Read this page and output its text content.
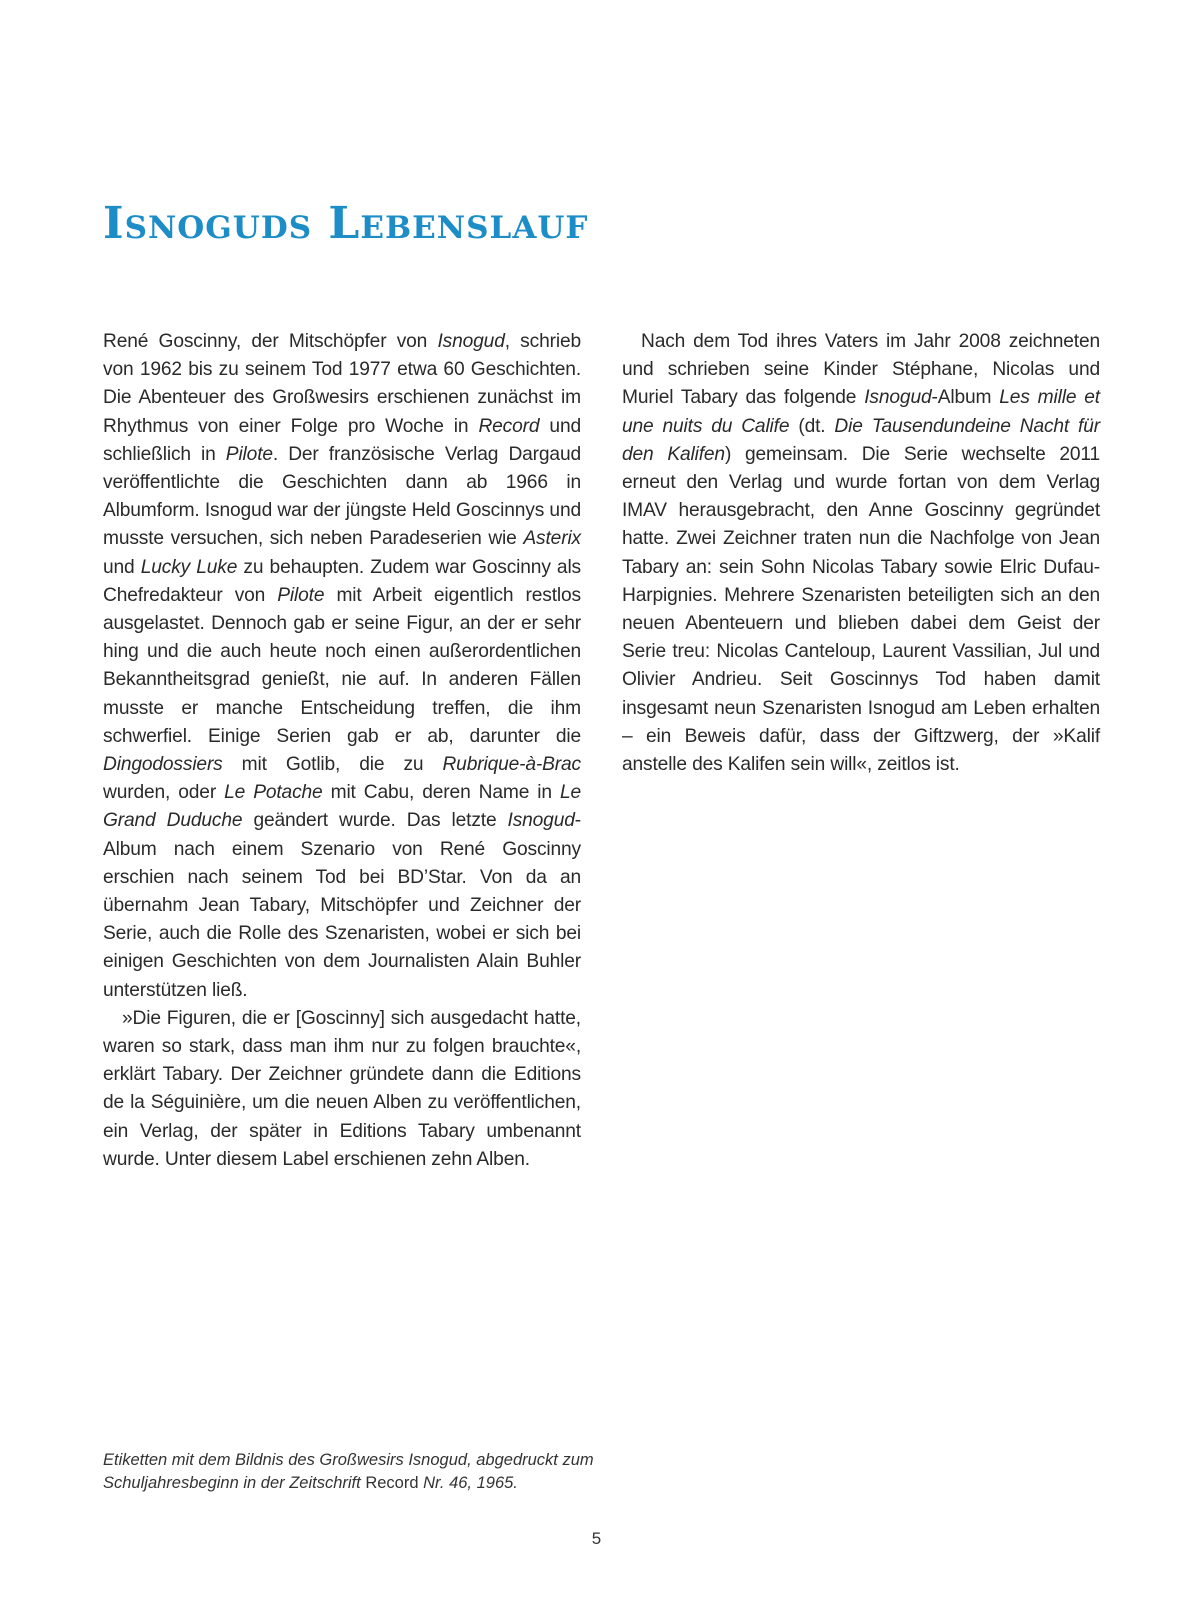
Isnoguds Lebenslauf

René Goscinny, der Mitschöpfer von Isnogud, schrieb von 1962 bis zu seinem Tod 1977 etwa 60 Geschichten. Die Abenteuer des Großwesirs erschienen zunächst im Rhythmus von einer Folge pro Woche in Record und schließlich in Pilote. Der französische Verlag Dargaud veröffentlichte die Geschichten dann ab 1966 in Albumform. Isnogud war der jüngste Held Goscinnys und musste versuchen, sich neben Paradeserien wie Asterix und Lucky Luke zu behaupten. Zudem war Goscinny als Chefredakteur von Pilote mit Arbeit eigentlich restlos ausgelastet. Dennoch gab er seine Figur, an der er sehr hing und die auch heute noch einen außerordentlichen Bekanntheitsgrad genießt, nie auf. In anderen Fällen musste er manche Entscheidung treffen, die ihm schwerfiel. Einige Serien gab er ab, darunter die Dingodossiers mit Gotlib, die zu Rubrique-à-Brac wurden, oder Le Potache mit Cabu, deren Name in Le Grand Duduche geändert wurde. Das letzte Isnogud-Album nach einem Szenario von René Goscinny erschien nach seinem Tod bei BD’Star. Von da an übernahm Jean Tabary, Mitschöpfer und Zeichner der Serie, auch die Rolle des Szenaristen, wobei er sich bei einigen Geschichten von dem Journalisten Alain Buhler unterstützen ließ.

»Die Figuren, die er [Goscinny] sich ausgedacht hatte, waren so stark, dass man ihm nur zu folgen brauchte«, erklärt Tabary. Der Zeichner gründete dann die Editions de la Séguinière, um die neuen Alben zu veröffentlichen, ein Verlag, der später in Editions Tabary umbenannt wurde. Unter diesem Label erschienen zehn Alben.

Nach dem Tod ihres Vaters im Jahr 2008 zeichneten und schrieben seine Kinder Stéphane, Nicolas und Muriel Tabary das folgende Isnogud-Album Les mille et une nuits du Calife (dt. Die Tausendundeine Nacht für den Kalifen) gemeinsam. Die Serie wechselte 2011 erneut den Verlag und wurde fortan von dem Verlag IMAV herausgebracht, den Anne Goscinny gegründet hatte. Zwei Zeichner traten nun die Nachfolge von Jean Tabary an: sein Sohn Nicolas Tabary sowie Elric Dufau-Harpignies. Mehrere Szenaristen beteiligten sich an den neuen Abenteuern und blieben dabei dem Geist der Serie treu: Nicolas Canteloup, Laurent Vassilian, Jul und Olivier Andrieu. Seit Goscinnys Tod haben damit insgesamt neun Szenaristen Isnogud am Leben erhalten – ein Beweis dafür, dass der Giftzwerg, der »Kalif anstelle des Kalifen sein will«, zeitlos ist.

Etiketten mit dem Bildnis des Großwesirs Isnogud, abgedruckt zum Schuljahresbeginn in der Zeitschrift Record Nr. 46, 1965.

5
